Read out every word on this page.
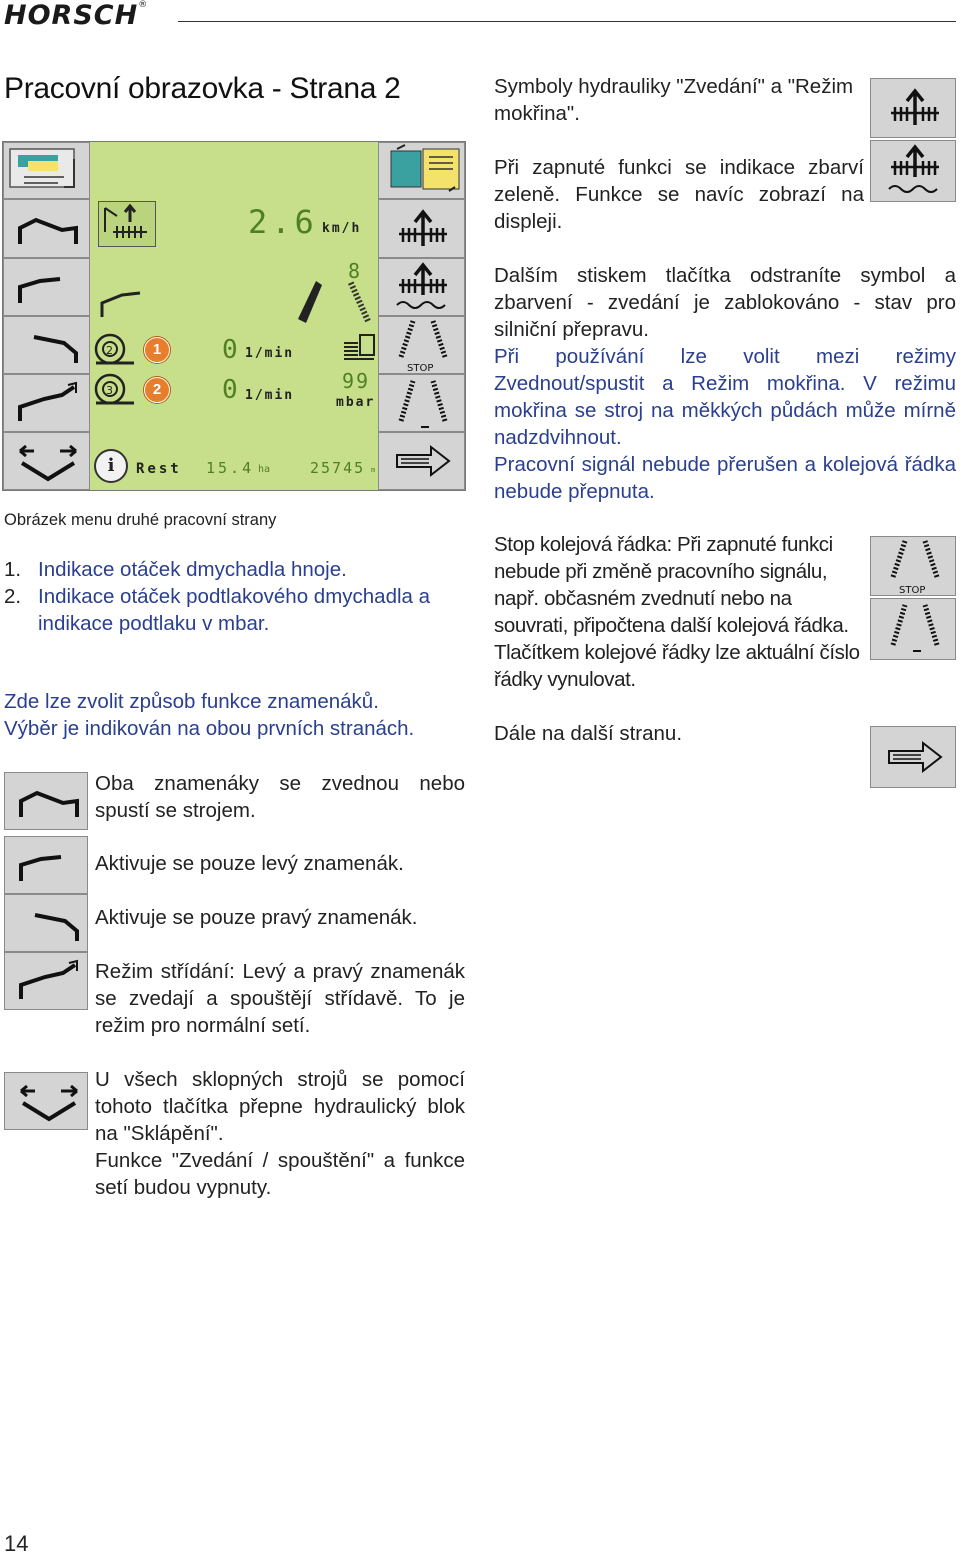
HORSCH®
Pracovní obrazovka - Strana 2
2.6 km/h
8
2	1	0 1/min
3	2	0 1/min
99
mbar
i	Rest 15.4 ha	25745 m
STOP
Obrázek menu druhé pracovní strany
1. Indikace otáček dmychadla hnoje.
2. Indikace otáček podtlakového dmychadla a indikace podtlaku v mbar.
Zde lze zvolit způsob funkce znamenáků.
Výběr je indikován na obou prvních stranách.
Oba znamenáky se zvednou nebo spustí se strojem.
Aktivuje se pouze levý znamenák.
Aktivuje se pouze pravý znamenák.
Režim střídání: Levý a pravý znamenák se zvedají a spouštějí střídavě. To je režim pro normální setí.
U všech sklopných strojů se pomocí tohoto tlačítka přepne hydraulický blok na "Sklápění".
Funkce "Zvedání / spouštění" a funkce setí budou vypnuty.
Symboly hydrauliky "Zvedání" a "Režim mokřina".
Při zapnuté funkci se indikace zbarví zeleně. Funkce se navíc zobrazí na displeji.
Dalším stiskem tlačítka odstraníte symbol a zbarvení - zvedání je zablokováno - stav pro silniční přepravu.
Při používání lze volit mezi režimy Zvednout/spustit a Režim mokřina. V režimu mokřina se stroj na měkkých půdách může mírně nadzdvihnout.
Pracovní signál nebude přerušen a kolejová řádka nebude přepnuta.
Stop kolejová řádka: Při zapnuté funkci nebude při změně pracovního signálu, např. občasném zvednutí nebo na souvrati, připočtena další kolejová řádka. Tlačítkem kolejové řádky lze aktuální číslo řádky vynulovat.
STOP
Dále na další stranu.
14
